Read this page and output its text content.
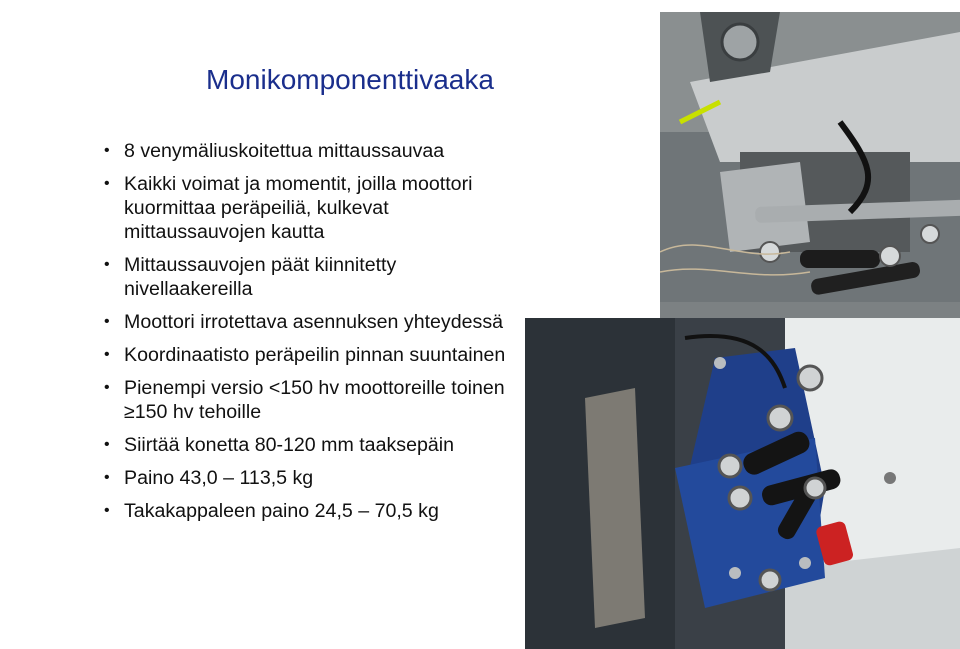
Monikomponenttivaaka
• 8 venymäliuskoitettua mittaussauvaa
• Kaikki voimat ja momentit, joilla moottori kuormittaa peräpeiliä, kulkevat mittaussauvojen kautta
• Mittaussauvojen päät kiinnitetty nivellaakereilla
• Moottori irrotettava asennuksen yhteydessä
• Koordinaatisto peräpeilin pinnan suuntainen
• Pienempi versio <150 hv moottoreille toinen ≥150 hv tehoille
• Siirtää konetta 80-120 mm taaksepäin
• Paino 43,0 – 113,5 kg
• Takakappaleen paino 24,5 – 70,5 kg
